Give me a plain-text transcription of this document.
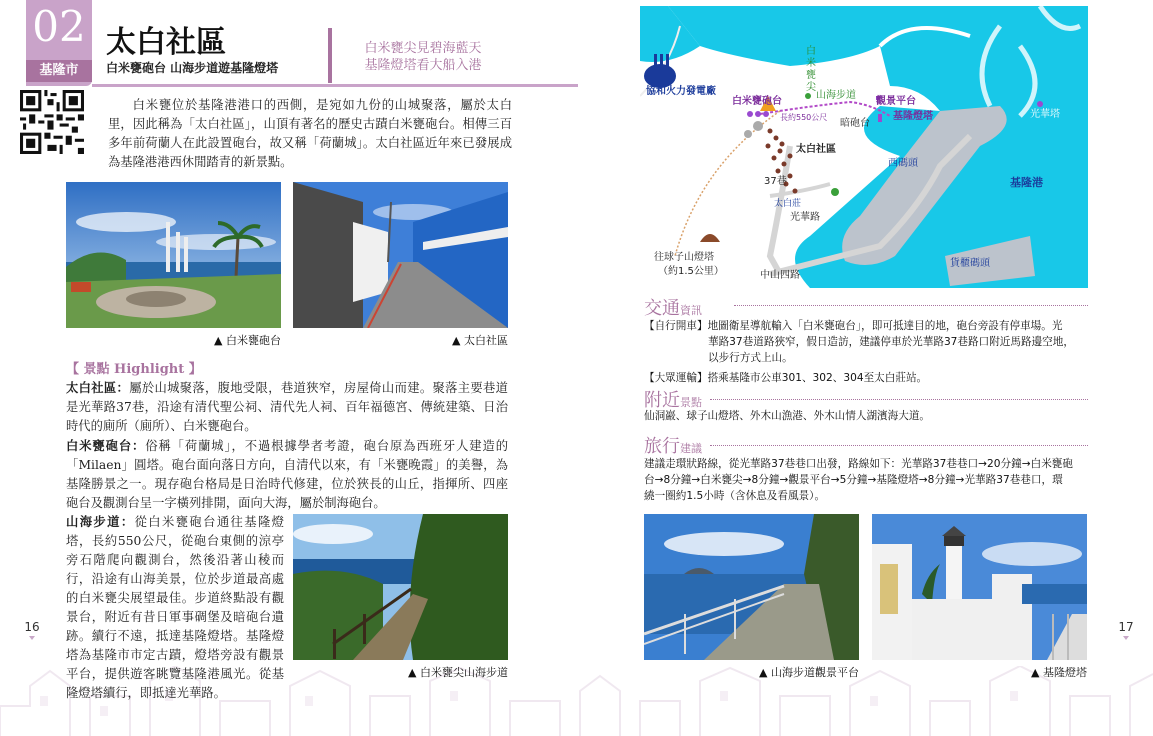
02
基隆市
太白社區
白米甕砲台 山海步道遊基隆燈塔
白米甕尖見碧海藍天
基隆燈塔看大船入港
白米甕位於基隆港港口的西側，是宛如九份的山城聚落，屬於太白里，因此稱為「太白社區」，山頂有著名的歷史古蹟白米甕砲台。相傳三百多年前荷蘭人在此設置砲台，故又稱「荷蘭城」。太白社區近年來已發展成為基隆港港西休閒踏青的新景點。
▲ 白米甕砲台	▲ 太白社區
【 景點 Highlight 】
太白社區：屬於山城聚落，腹地受限，巷道狹窄，房屋倚山而建。聚落主要巷道是光華路37巷，沿途有清代聖公祠、清代先人祠、百年福德宮、傳統建築、日治時代的廁所（廁所）、白米甕砲台。
白米甕砲台：俗稱「荷蘭城」，不過根據學者考證，砲台原為西班牙人建造的「Milaen」圓塔。砲台面向落日方向，自清代以來，有「米甕晚霞」的美譽，為基隆勝景之一。現存砲台格局是日治時代修建，位於狹長的山丘，指揮所、四座砲台及觀測台呈一字橫列排開，面向大海，屬於制海砲台。
山海步道：從白米甕砲台通往基隆燈塔，長約550公尺，從砲台東側的涼亭旁石階爬向觀測台，然後沿著山稜而行，沿途有山海美景，位於步道最高處的白米甕尖展望最佳。步道終點設有觀景台，附近有昔日軍事碉堡及暗砲台遺跡。續行不遠，抵達基隆燈塔。基隆燈塔為基隆市市定古蹟，燈塔旁設有觀景平台，提供遊客眺覽基隆港風光。從基隆燈塔續行，即抵達光華路。
▲ 白米甕尖山海步道
16	17
協和火力發電廠
白米甕砲台
山海步道
長約550公尺
觀景平台
暗砲台
基隆燈塔	光華塔
太白社區
37巷
西碼頭
基隆港
太白莊
光華路
往球子山燈塔
（約1.5公里）	中山四路
貨櫃碼頭
白米甕尖
交通資訊
【自行開車】地圖衛星導航輸入「白米甕砲台」，即可抵達目的地，砲台旁設有停車場。光
華路37巷道路狹窄，假日造訪，建議停車於光華路37巷路口附近馬路邊空地，
以步行方式上山。
【大眾運輸】搭乘基隆市公車301、302、304至太白莊站。
附近景點
仙洞巖、球子山燈塔、外木山漁港、外木山情人湖濱海大道。
旅行建議
建議走環狀路線，從光華路37巷巷口出發，路線如下：光華路37巷巷口→20分鐘→白米甕砲
台→8分鐘→白米甕尖→8分鐘→觀景平台→5分鐘→基隆燈塔→8分鐘→光華路37巷巷口，環
繞一圈約1.5小時（含休息及看風景）。
▲ 山海步道觀景平台	▲ 基隆燈塔
